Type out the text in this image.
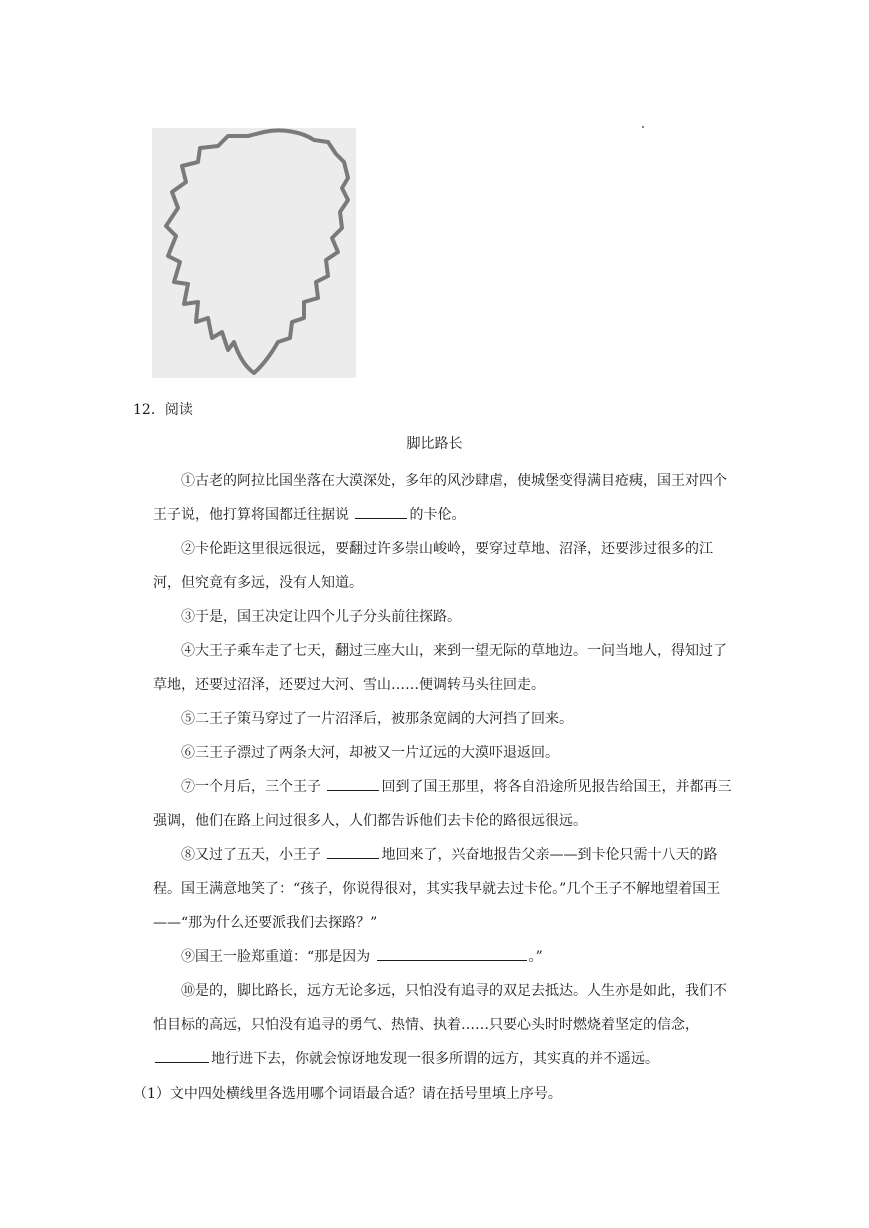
12．阅读
脚比路长

①古老的阿拉比国坐落在大漠深处，多年的风沙肆虐，使城堡变得满目疮痍，国王对四个王子说，他打算将国都迁往据说	的卡伦。

②卡伦距这里很远很远，要翻过许多崇山峻岭，要穿过草地、沼泽，还要涉过很多的江河，但究竟有多远，没有人知道。

③于是，国王决定让四个儿子分头前往探路。

④大王子乘车走了七天，翻过三座大山，来到一望无际的草地边。一问当地人，得知过了草地，还要过沼泽，还要过大河、雪山……便调转马头往回走。

⑤二王子策马穿过了一片沼泽后，被那条宽阔的大河挡了回来。

⑥三王子漂过了两条大河，却被又一片辽远的大漠吓退返回。

⑦一个月后，三个王子	回到了国王那里，将各自沿途所见报告给国王，并都再三强调，他们在路上问过很多人，人们都告诉他们去卡伦的路很远很远。

⑧又过了五天，小王子	地回来了，兴奋地报告父亲——到卡伦只需十八天的路程。国王满意地笑了：“孩子，你说得很对，其实我早就去过卡伦。”几个王子不解地望着国王——“那为什么还要派我们去探路？”

⑨国王一脸郑重道：“那是因为	。”

⑩是的，脚比路长，远方无论多远，只怕没有追寻的双足去抵达。人生亦是如此，我们不怕目标的高远，只怕没有追寻的勇气、热情、执着……只要心头时时燃烧着坚定的信念，地行进下去，你就会惊讶地发现一很多所谓的远方，其实真的并不遥远。

（1）文中四处横线里各选用哪个词语最合适？请在括号里填上序号。
